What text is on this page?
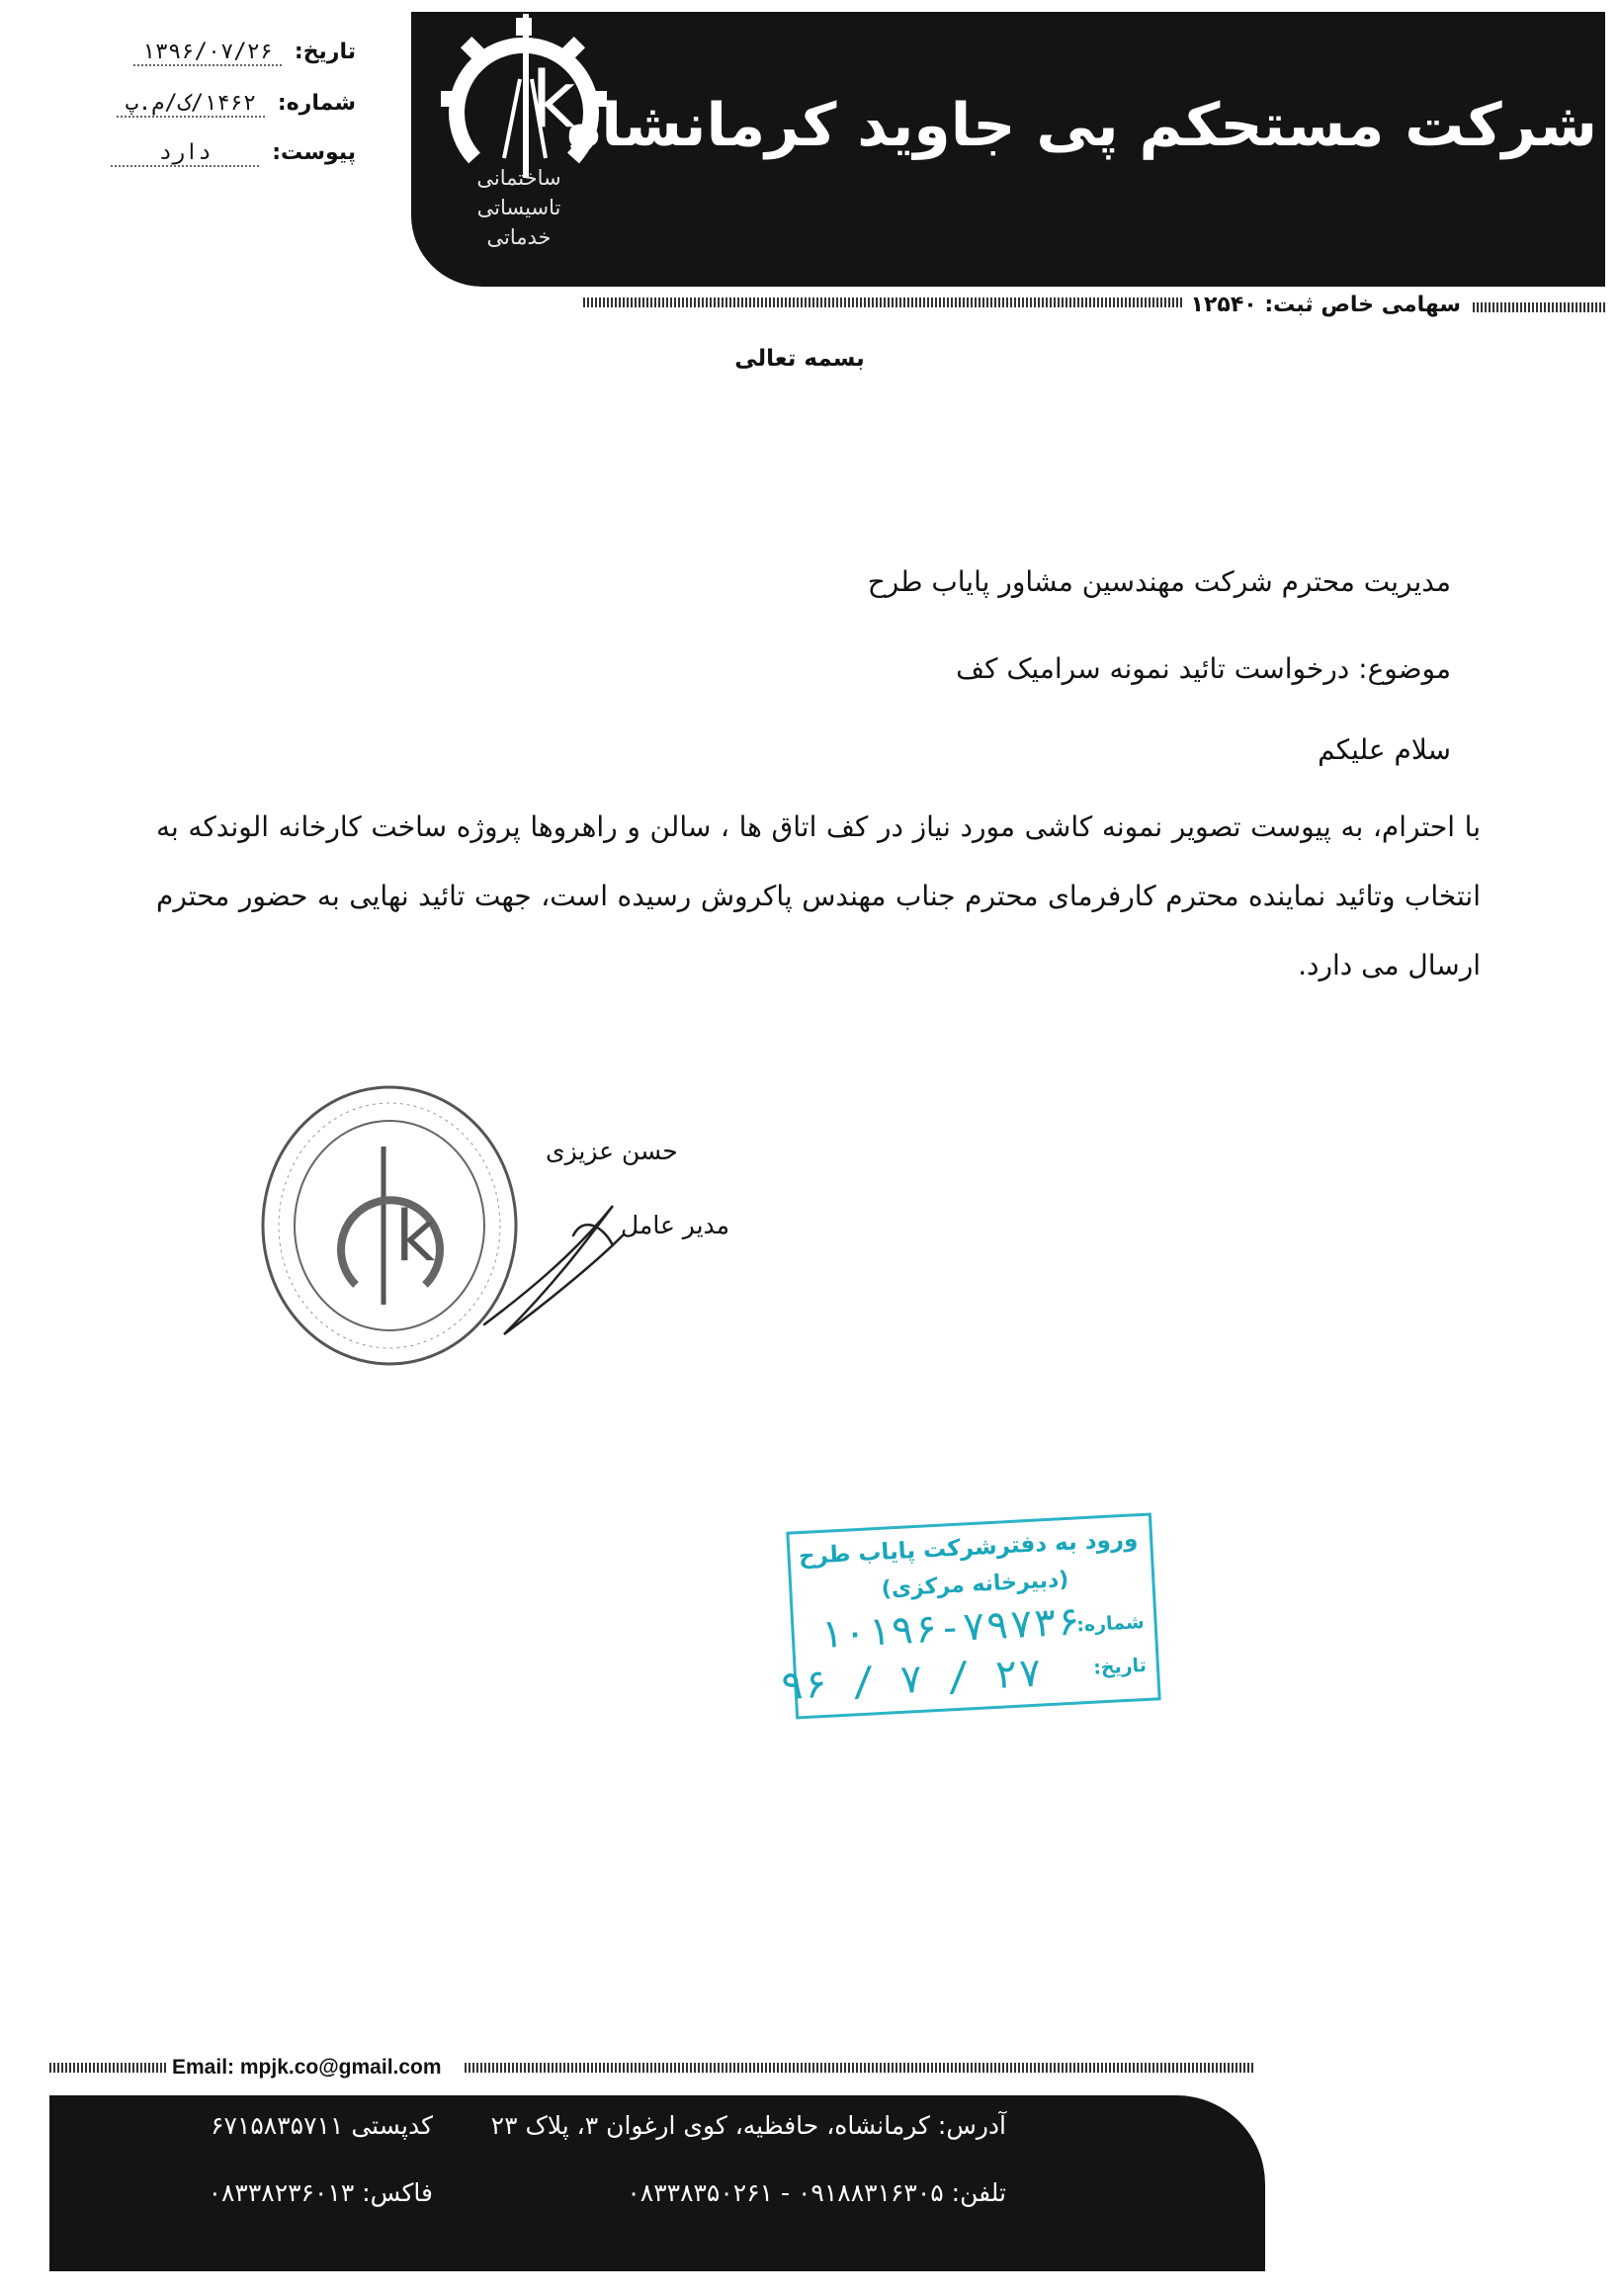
k
ساختمانی
تاسیساتی
خدماتی
شرکت مستحکم پی جاوید کرمانشاه
تاریخ: ۱۳۹۶/۰۷/۲۶
شماره: ۱۴۶۲/ک/م.پ
پیوست: دارد
سهامی خاص ثبت: ۱۲۵۴۰
بسمه تعالی
مدیریت محترم شرکت مهندسین مشاور پایاب طرح
موضوع: درخواست تائید نمونه سرامیک کف
سلام علیکم
با احترام، به پیوست تصویر نمونه کاشی مورد نیاز در کف اتاق ها ، سالن و راهروها پروژه ساخت کارخانه الوندکه به انتخاب وتائید نماینده محترم کارفرمای محترم جناب مهندس پاکروش رسیده است، جهت تائید نهایی به حضور محترم ارسال می دارد.
k
حسن عزیزی
مدیر عامل
ورود به دفترشرکت پایاب طرح
(دبیرخانه مرکزی)
شماره:
۱۰۱۹۶-۷۹۷۳۶
تاریخ:
۹۶ / ۷ / ۲۷
Email: mpjk.co@gmail.com
آدرس: کرمانشاه، حافظیه، کوی ارغوان ۳، پلاک ۲۳
کدپستی ۶۷۱۵۸۳۵۷۱۱
تلفن: ۰۹۱۸۸۳۱۶۳۰۵ - ۰۸۳۳۸۳۵۰۲۶۱
فاکس: ۰۸۳۳۸۲۳۶۰۱۳
